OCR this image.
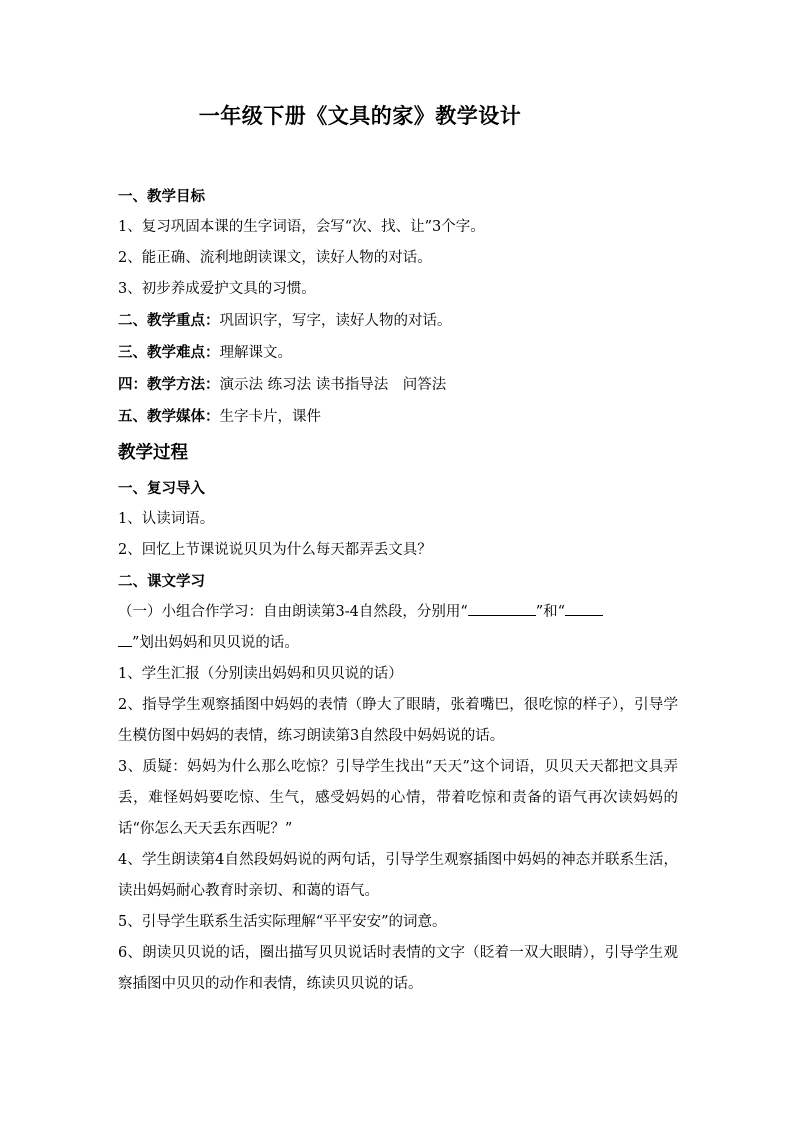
一年级下册《文具的家》教学设计
一、教学目标
1、复习巩固本课的生字词语，会写“次、找、让”3个字。
2、能正确、流利地朗读课文，读好人物的对话。
3、初步养成爱护文具的习惯。
二、教学重点：巩固识字，写字，读好人物的对话。
三、教学难点：理解课文。
四：教学方法：演示法 练习法 读书指导法　问答法
五、教学媒体：生字卡片，课件
教学过程
一、复习导入
1、认读词语。
2、回忆上节课说说贝贝为什么每天都弄丢文具？
二、课文学习
（一）小组合作学习：自由朗读第3-4自然段，分别用“	”和“
”划出妈妈和贝贝说的话。
1、学生汇报（分别读出妈妈和贝贝说的话）
2、指导学生观察插图中妈妈的表情（睁大了眼睛，张着嘴巴，很吃惊的样子），引导学生模仿图中妈妈的表情，练习朗读第3自然段中妈妈说的话。
3、质疑：妈妈为什么那么吃惊？引导学生找出“天天”这个词语，贝贝天天都把文具弄丢，难怪妈妈要吃惊、生气，感受妈妈的心情，带着吃惊和责备的语气再次读妈妈的话“你怎么天天丢东西呢？”
4、学生朗读第4自然段妈妈说的两句话，引导学生观察插图中妈妈的神态并联系生活，读出妈妈耐心教育时亲切、和蔼的语气。
5、引导学生联系生活实际理解“平平安安”的词意。
6、朗读贝贝说的话，圈出描写贝贝说话时表情的文字（眨着一双大眼睛），引导学生观察插图中贝贝的动作和表情，练读贝贝说的话。
